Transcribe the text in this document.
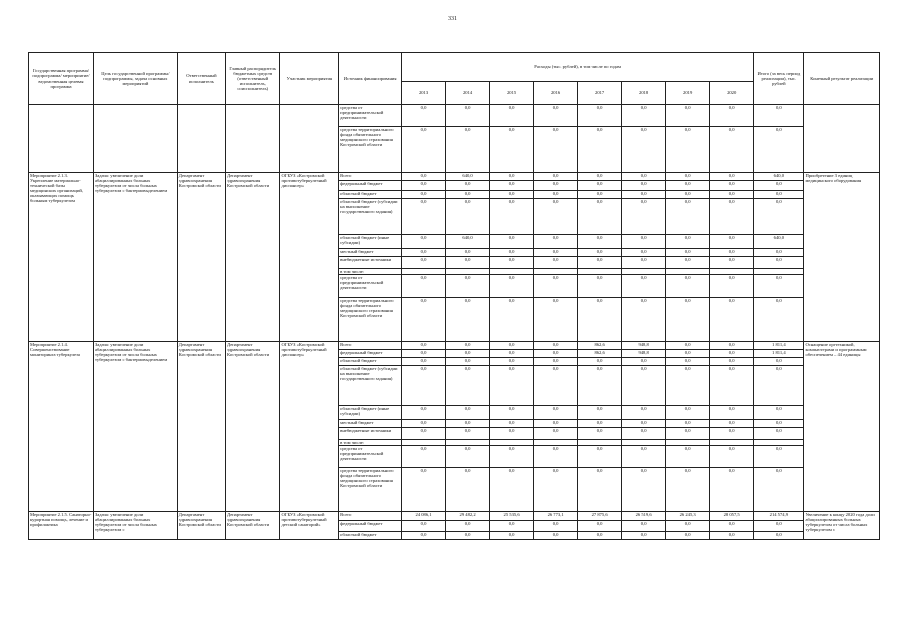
331
Государственная программа/подпрограмма/ мероприятие/ ведомственная целевая программа	Цель государственной программы/подпрограммы, задача основных мероприятий	Ответственный исполнитель	Главный распорядитель бюджетных средств (ответственный исполнитель, соисполнитель)	Участник мероприятия	Источник финансирования	Расходы (тыс. рублей), в том числе по годам								Итого (за весь период реализации), тыс. рублей	Конечный результат реализации
						2013	2014	2015	2016	2017	2018	2019	2020		
					средства от предпринимательской деятельности	0,0	0,0	0,0	0,0	0,0	0,0	0,0	0,0	0,0	
					средства территориального фонда обязательного медицинского страхования Костромской области	0,0	0,0	0,0	0,0	0,0	0,0	0,0	0,0	0,0	
Мероприятие 2.1.3. Укрепление материально-технической базы медицинских организаций, оказывающих помощь больным туберкулезом	Задача: увеличение доли абациллированных больных туберкулезом от числа больных туберкулезом с бактериовыделением	Департамент здравоохранения Костромской области	Департамент здравоохранения Костромской области	ОГБУЗ «Костромской противотуберкулезный диспансер»	Всего	0,0	640,0	0,0	0,0	0,0	0,0	0,0	0,0	640,0	Приобретение 3 единиц медицинского оборудования
					федеральный бюджет	0,0	0,0	0,0	0,0	0,0	0,0	0,0	0,0	0,0	
					областной бюджет	0,0	0,0	0,0	0,0	0,0	0,0	0,0	0,0	0,0	
					областной бюджет (субсидии на выполнение государственного задания)	0,0	0,0	0,0	0,0	0,0	0,0	0,0	0,0	0,0	
					областной бюджет (иные субсидии)	0,0	640,0	0,0	0,0	0,0	0,0	0,0	0,0	640,0	
					местный бюджет	0,0	0,0	0,0	0,0	0,0	0,0	0,0	0,0	0,0	
					внебюджетные источники	0,0	0,0	0,0	0,0	0,0	0,0	0,0	0,0	0,0	
					в том числе:										
					средства от предпринимательской деятельности	0,0	0,0	0,0	0,0	0,0	0,0	0,0	0,0	0,0	
					средства территориального фонда обязательного медицинского страхования Костромской области	0,0	0,0	0,0	0,0	0,0	0,0	0,0	0,0	0,0	
Мероприятие 2.1.4. Совершенствование мониторинга туберкулеза	Задача: увеличение доли абациллированных больных туберкулезом от числа больных туберкулезом с бактериовыделением	Департамент здравоохранения Костромской области	Департамент здравоохранения Костромской области	ОГБУЗ «Костромской противотуберкулезный диспансер»	Всего	0,0	0,0	0,0	0,0	862,6	948,8	0,0	0,0	1 811,4	Оснащение оргтехникой, компьютерами и программным обеспечением – 44 единицы
					федеральный бюджет	0,0	0,0	0,0	0,0	862,6	948,8	0,0	0,0	1 811,4	
					областной бюджет	0,0	0,0	0,0	0,0	0,0	0,0	0,0	0,0	0,0	
					областной бюджет (субсидии на выполнение государственного задания)	0,0	0,0	0,0	0,0	0,0	0,0	0,0	0,0	0,0	
					областной бюджет (иные субсидии)	0,0	0,0	0,0	0,0	0,0	0,0	0,0	0,0	0,0	
					местный бюджет	0,0	0,0	0,0	0,0	0,0	0,0	0,0	0,0	0,0	
					внебюджетные источники	0,0	0,0	0,0	0,0	0,0	0,0	0,0	0,0	0,0	
					в том числе:										
					средства от предпринимательской деятельности	0,0	0,0	0,0	0,0	0,0	0,0	0,0	0,0	0,0	
					средства территориального фонда обязательного медицинского страхования Костромской области	0,0	0,0	0,0	0,0	0,0	0,0	0,0	0,0	0,0	
Мероприятие 2.1.5. Санаторно-курортная помощь, лечение и профилактика	Задача: увеличение доли абациллированных больных туберкулезом от числа больных туберкулезом с	Департамент здравоохранения Костромской области	Департамент здравоохранения Костромской области	ОГБУЗ «Костромской противотуберкулезный детский санаторий»	Всего	24 086,1	29 482,2	25 535,6	26 773,1	27 875,6	26 519,6	26 245,3	28 057,5	214 574,9	Увеличение к концу 2020 года доли абациллированных больных туберкулезом от числа больных туберкулезом с
					федеральный бюджет	0,0	0,0	0,0	0,0	0,0	0,0	0,0	0,0	0,0	
					областной бюджет	0,0	0,0	0,0	0,0	0,0	0,0	0,0	0,0	0,0	
